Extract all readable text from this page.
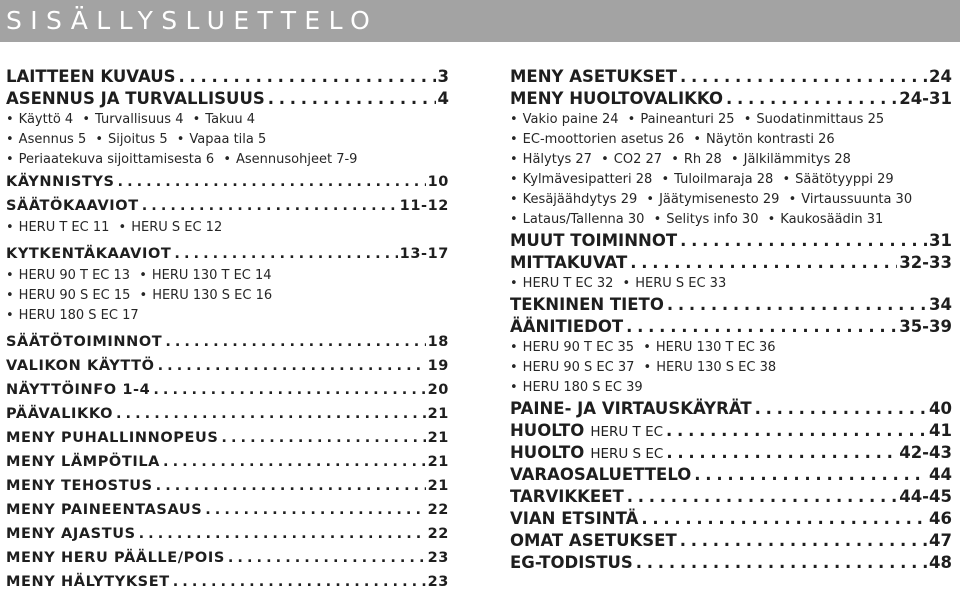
SISÄLLYSLUETTELO
LAITTEEN KUVAUS . . .	3
ASENNUS JA TURVALLISUUS . . .	4
• Käyttö 4 • Turvallisuus 4 • Takuu 4
• Asennus 5 • Sijoitus 5 • Vapaa tila 5
• Periaatekuva sijoittamisesta 6 • Asennusohjeet 7-9
KÄYNNISTYS . . .	10
SÄÄTÖKAAVIOT . . .	11-12
• HERU T EC 11 • HERU S EC 12
KYTKENTÄKAAVIOT . . .	13-17
• HERU 90 T EC 13 • HERU 130 T EC 14
• HERU 90 S EC 15 • HERU 130 S EC 16
• HERU 180 S EC 17
SÄÄTÖTOIMINNOT . . .	18
VALIKON KÄYTTÖ . . .	19
NÄYTTÖINFO 1-4 . . .	20
PÄÄVALIKKO . . .	21
MENY PUHALLINNOPEUS . . .	21
MENY LÄMPÖTILA . . .	21
MENY TEHOSTUS . . .	21
MENY PAINEENTASAUS . . .	22
MENY AJASTUS . . .	22
MENY HERU PÄÄLLE/POIS . . .	23
MENY HÄLYTYKSET . . .	23
MENY ASETUKSET . . .	24
MENY HUOLTOVALIKKO . . .	24-31
• Vakio paine 24 • Paineanturi 25 • Suodatinmittaus 25
• EC-moottorien asetus 26 • Näytön kontrasti 26
• Hälytys 27 • CO2 27 • Rh 28 • Jälkilämmitys 28
• Kylmävesipatteri 28 • Tuloilmaraja 28 • Säätötyyppi 29
• Kesäjäähdytys 29 • Jäätymisenesto 29 • Virtaussuunta 30
• Lataus/Tallenna 30 • Selitys info 30 • Kaukosäädin 31
MUUT TOIMINNOT . . .	31
MITTAKUVAT . . .	32-33
• HERU T EC 32 • HERU S EC 33
TEKNINEN TIETO . . .	34
ÄÄNITIEDOT . . .	35-39
• HERU 90 T EC 35 • HERU 130 T EC 36
• HERU 90 S EC 37 • HERU 130 S EC 38
• HERU 180 S EC 39
PAINE- JA VIRTAUSKÄYRÄT . . .	40
HUOLTO HERU T EC . . .	41
HUOLTO HERU S EC . . .	42-43
VARAOSALUETTELO . . .	44
TARVIKKEET . . .	44-45
VIAN ETSINTÄ . . .	46
OMAT ASETUKSET . . .	47
EG-TODISTUS . . .	48
